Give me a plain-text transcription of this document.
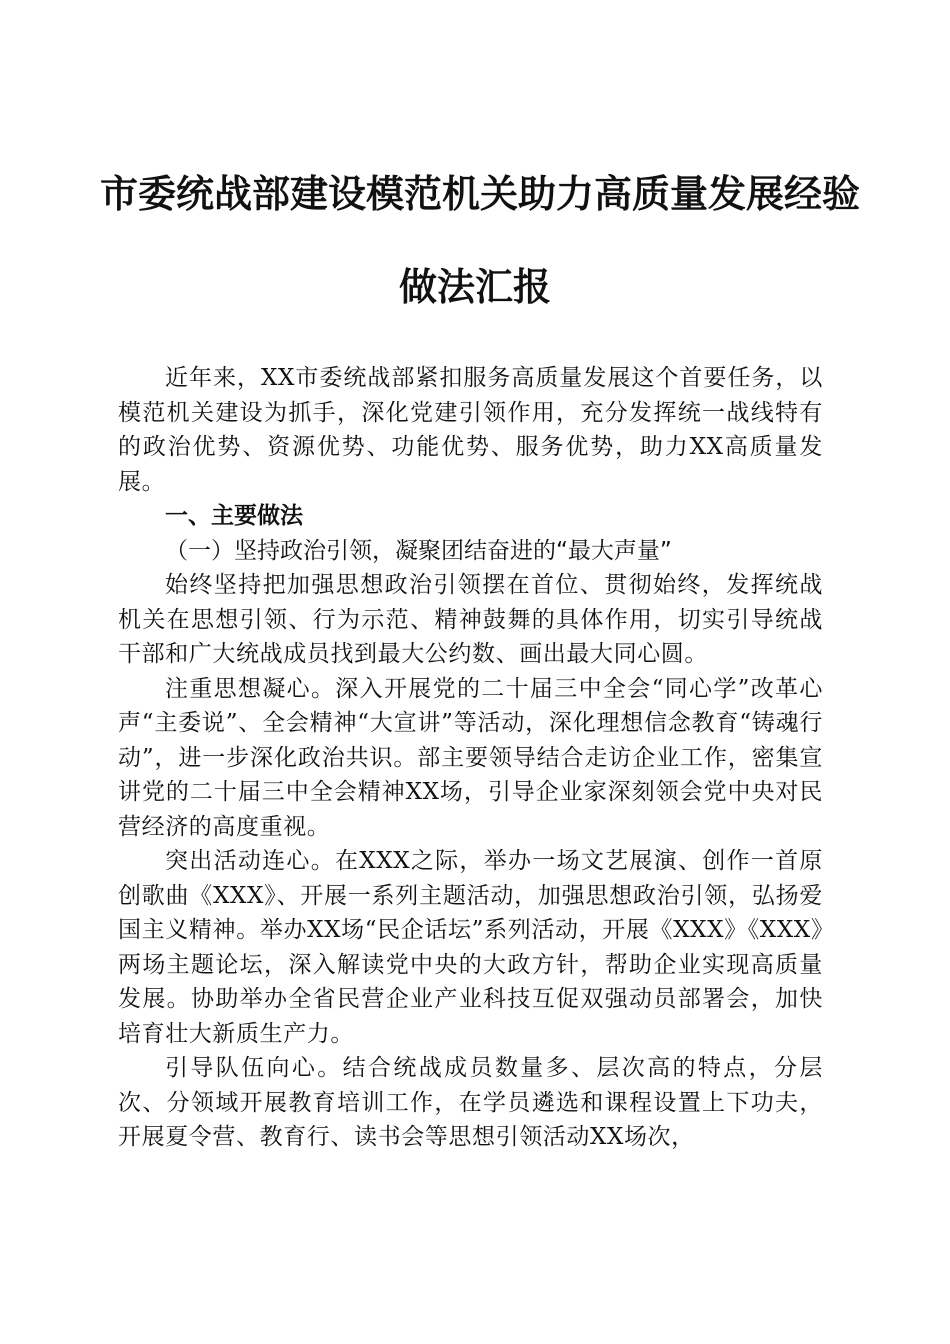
市委统战部建设模范机关助力高质量发展经验
做法汇报

近年来，XX市委统战部紧扣服务高质量发展这个首要任务，以模范机关建设为抓手，深化党建引领作用，充分发挥统一战线特有的政治优势、资源优势、功能优势、服务优势，助力XX高质量发展。

一、主要做法

（一）坚持政治引领，凝聚团结奋进的“最大声量”

始终坚持把加强思想政治引领摆在首位、贯彻始终，发挥统战机关在思想引领、行为示范、精神鼓舞的具体作用，切实引导统战干部和广大统战成员找到最大公约数、画出最大同心圆。

注重思想凝心。深入开展党的二十届三中全会“同心学”改革心声“主委说”、全会精神“大宣讲”等活动，深化理想信念教育“铸魂行动”，进一步深化政治共识。部主要领导结合走访企业工作，密集宣讲党的二十届三中全会精神XX场，引导企业家深刻领会党中央对民营经济的高度重视。

突出活动连心。在XXX之际，举办一场文艺展演、创作一首原创歌曲《XXX》、开展一系列主题活动，加强思想政治引领，弘扬爱国主义精神。举办XX场“民企话坛”系列活动，开展《XXX》《XXX》两场主题论坛，深入解读党中央的大政方针，帮助企业实现高质量发展。协助举办全省民营企业产业科技互促双强动员部署会，加快培育壮大新质生产力。

引导队伍向心。结合统战成员数量多、层次高的特点，分层次、分领域开展教育培训工作，在学员遴选和课程设置上下功夫，开展夏令营、教育行、读书会等思想引领活动XX场次，
